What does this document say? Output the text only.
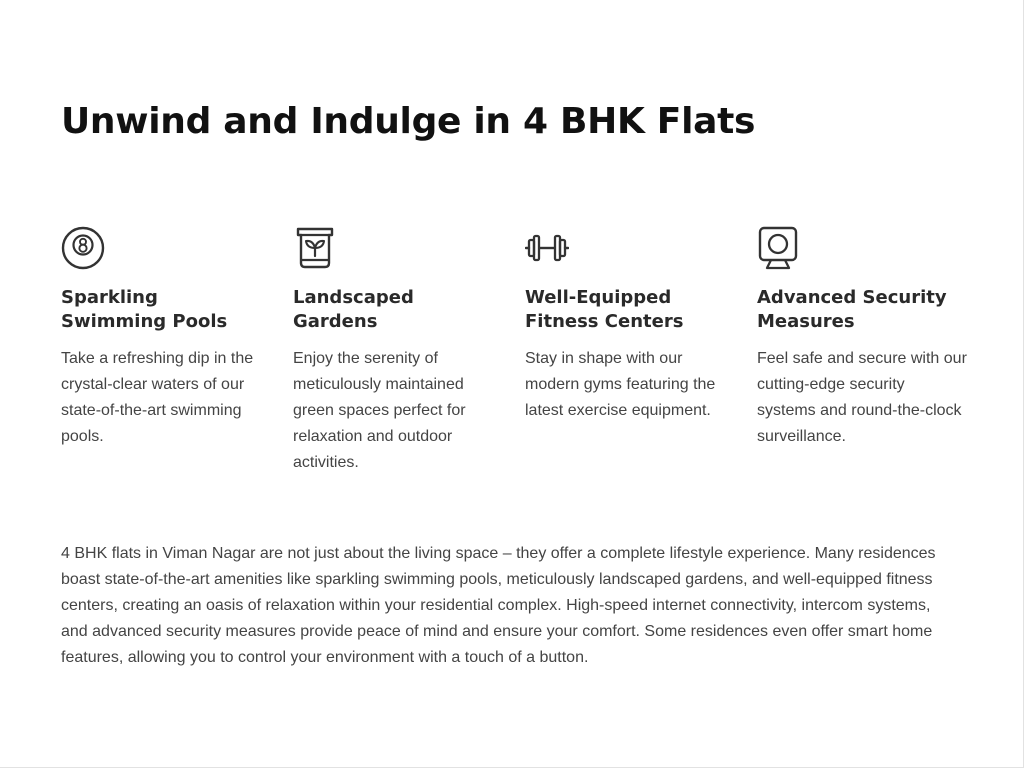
Unwind and Indulge in 4 BHK Flats
Sparkling
Swimming Pools

Take a refreshing dip in the crystal-clear waters of our state-of-the-art swimming pools.

Landscaped
Gardens

Enjoy the serenity of meticulously maintained green spaces perfect for relaxation and outdoor activities.

Well-Equipped
Fitness Centers

Stay in shape with our modern gyms featuring the latest exercise equipment.

Advanced Security
Measures

Feel safe and secure with our cutting-edge security systems and round-the-clock surveillance.

4 BHK flats in Viman Nagar are not just about the living space – they offer a complete lifestyle experience. Many residences boast state-of-the-art amenities like sparkling swimming pools, meticulously landscaped gardens, and well-equipped fitness centers, creating an oasis of relaxation within your residential complex. High-speed internet connectivity, intercom systems, and advanced security measures provide peace of mind and ensure your comfort. Some residences even offer smart home features, allowing you to control your environment with a touch of a button.
